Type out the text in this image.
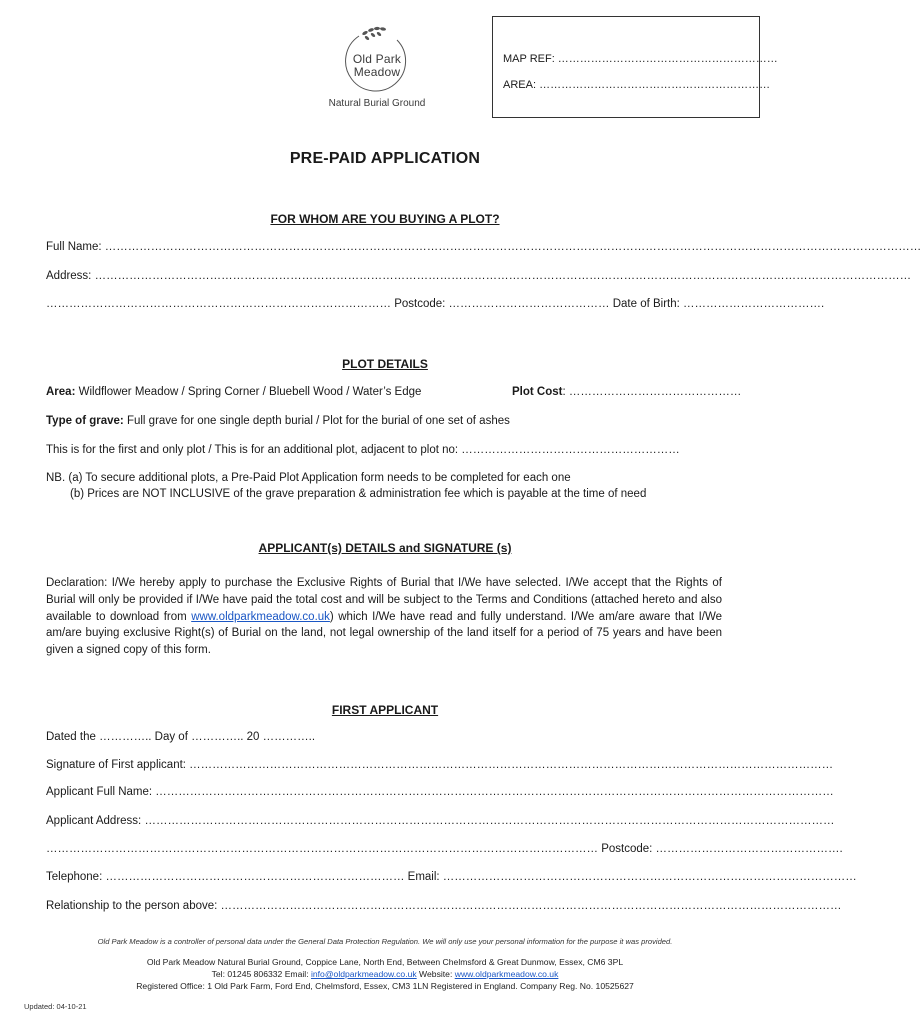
Old Park
Meadow
Natural Burial Ground
MAP REF: ……………………………………………………
AREA: ………………………………………………………
PRE-PAID APPLICATION
FOR WHOM ARE YOU BUYING A PLOT?
Full Name: ……………………………………………………………………………………………………………………………………………………………………………………………
Address: ……………………………………………………………………………………………………………………………………………………………………………………………
……………………………………………………………………………… Postcode: …………………………………… Date of Birth: ……………………………….
PLOT DETAILS
Area: Wildflower Meadow / Spring Corner / Bluebell Wood / Water’s Edge	Plot Cost: ………………………………………
Type of grave: Full grave for one single depth burial / Plot for the burial of one set of ashes
This is for the first and only plot / This is for an additional plot, adjacent to plot no: …………………………………………………
NB. (a) To secure additional plots, a Pre-Paid Plot Application form needs to be completed for each one
(b) Prices are NOT INCLUSIVE of the grave preparation & administration fee which is payable at the time of need
APPLICANT(s) DETAILS and SIGNATURE (s)
Declaration: I/We hereby apply to purchase the Exclusive Rights of Burial that I/We have selected. I/We accept that the Rights of Burial will only be provided if I/We have paid the total cost and will be subject to the Terms and Conditions (attached hereto and also available to download from www.oldparkmeadow.co.uk) which I/We have read and fully understand. I/We am/are aware that I/We am/are buying exclusive Right(s) of Burial on the land, not legal ownership of the land itself for a period of 75 years and have been given a signed copy of this form.
FIRST APPLICANT
Dated the ………….. Day of ………….. 20 …………..
Signature of First applicant: ……………………………………………………………………………………………………………………………………………………
Applicant Full Name: ……………………………………………………………………………………………………………………………………………………………
Applicant Address: ………………………………………………………………………………………………………………………………………………………………
……………………………………………………………………………………………………………………………… Postcode: ………………………………………….
Telephone: …………………………………………………………………… Email: ………………………………………………………………………………………………
Relationship to the person above: ………………………………………………………………………………………………………………………………………………
Old Park Meadow is a controller of personal data under the General Data Protection Regulation. We will only use your personal information for the purpose it was provided.
Old Park Meadow Natural Burial Ground, Coppice Lane, North End, Between Chelmsford & Great Dunmow, Essex, CM6 3PL
Tel: 01245 806332 Email: info@oldparkmeadow.co.uk Website: www.oldparkmeadow.co.uk
Registered Office: 1 Old Park Farm, Ford End, Chelmsford, Essex, CM3 1LN Registered in England. Company Reg. No. 10525627
Updated: 04-10-21
